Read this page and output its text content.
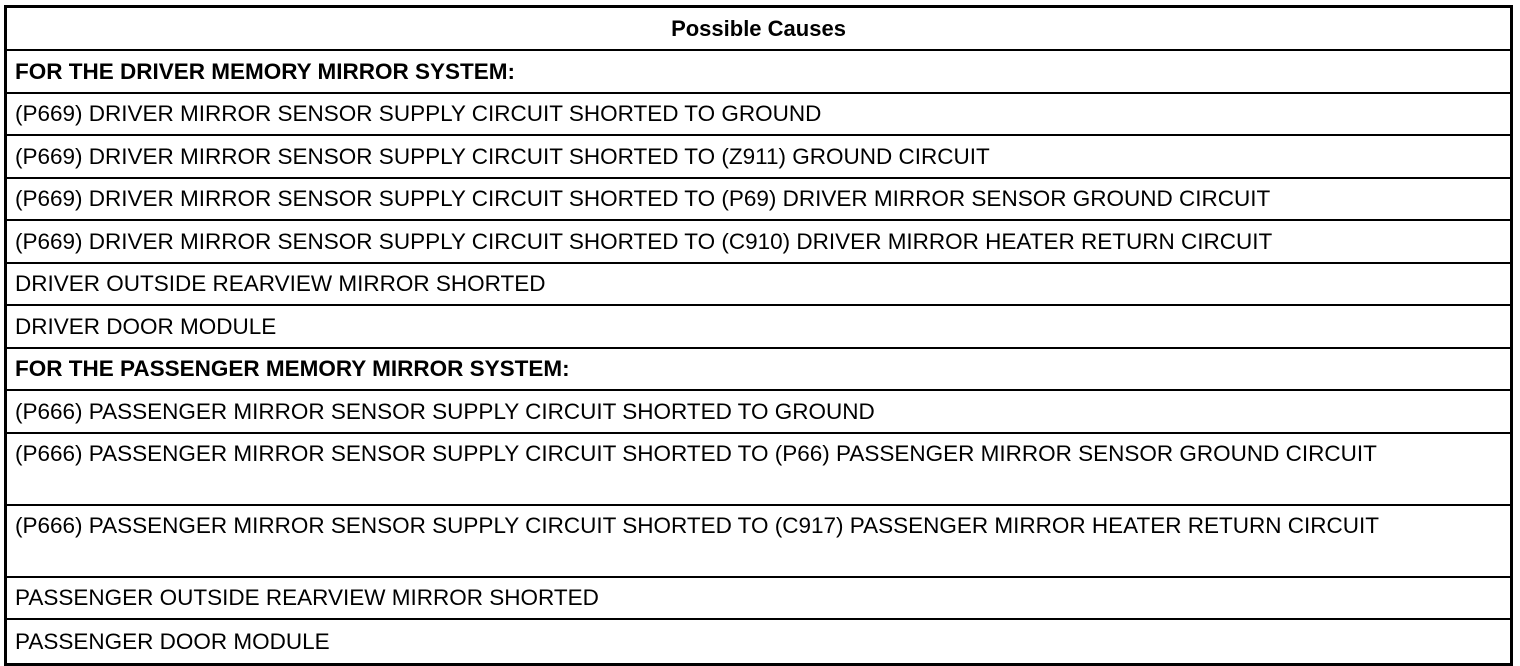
Possible Causes
FOR THE DRIVER MEMORY MIRROR SYSTEM:
(P669) DRIVER MIRROR SENSOR SUPPLY CIRCUIT SHORTED TO GROUND
(P669) DRIVER MIRROR SENSOR SUPPLY CIRCUIT SHORTED TO (Z911) GROUND CIRCUIT
(P669) DRIVER MIRROR SENSOR SUPPLY CIRCUIT SHORTED TO (P69) DRIVER MIRROR SENSOR GROUND CIRCUIT
(P669) DRIVER MIRROR SENSOR SUPPLY CIRCUIT SHORTED TO (C910) DRIVER MIRROR HEATER RETURN CIRCUIT
DRIVER OUTSIDE REARVIEW MIRROR SHORTED
DRIVER DOOR MODULE
FOR THE PASSENGER MEMORY MIRROR SYSTEM:
(P666) PASSENGER MIRROR SENSOR SUPPLY CIRCUIT SHORTED TO GROUND
(P666) PASSENGER MIRROR SENSOR SUPPLY CIRCUIT SHORTED TO (P66) PASSENGER MIRROR SENSOR GROUND CIRCUIT
(P666) PASSENGER MIRROR SENSOR SUPPLY CIRCUIT SHORTED TO (C917) PASSENGER MIRROR HEATER RETURN CIRCUIT
PASSENGER OUTSIDE REARVIEW MIRROR SHORTED
PASSENGER DOOR MODULE
